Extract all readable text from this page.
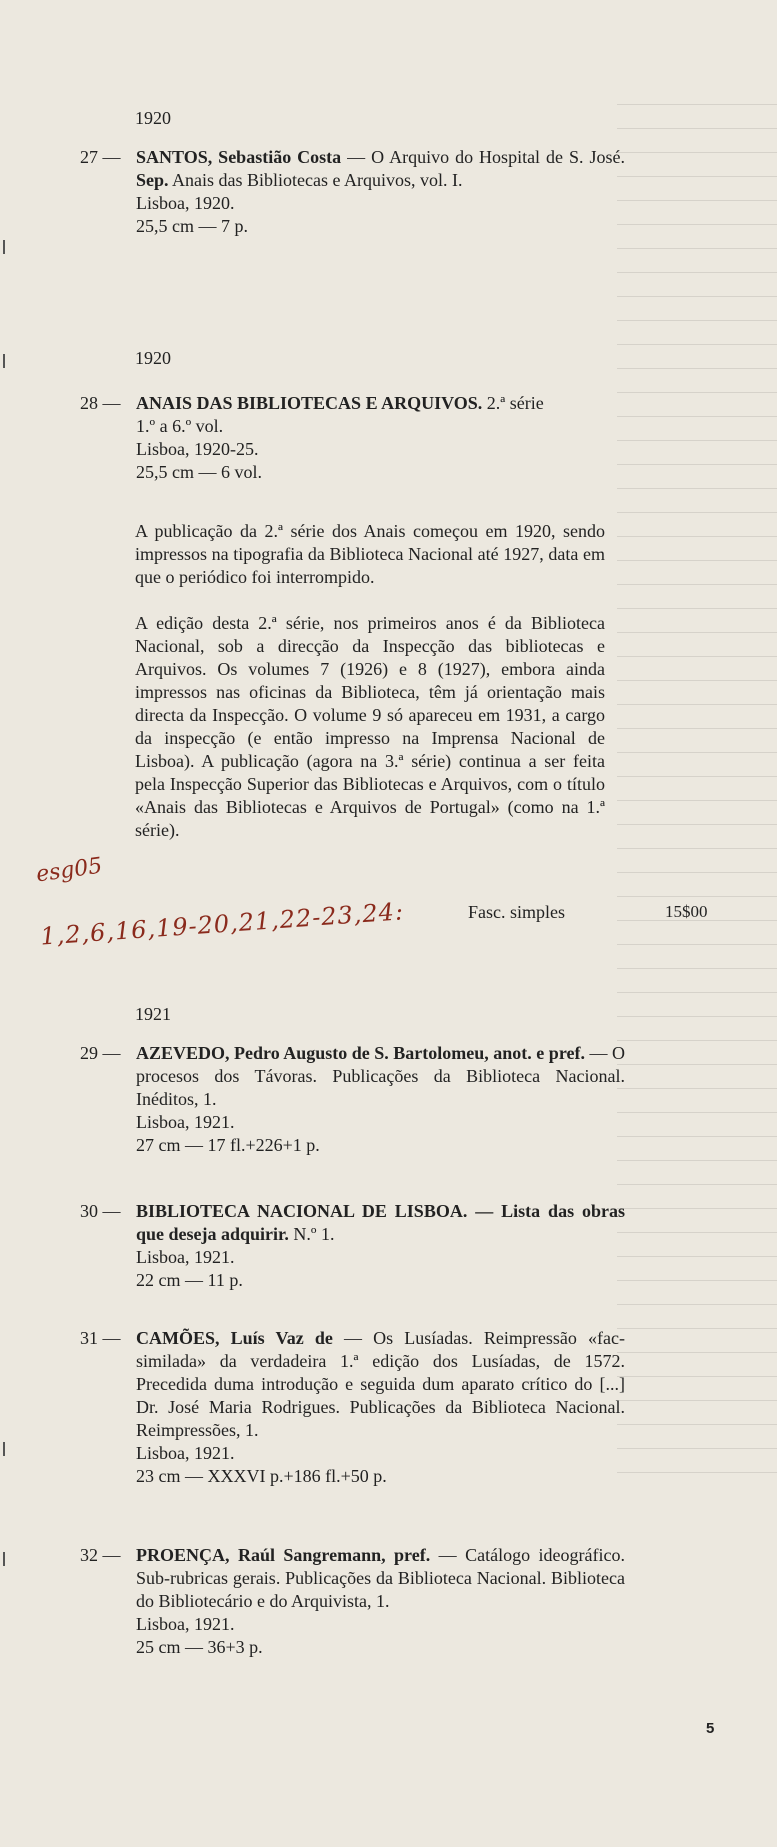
1920
27 — SANTOS, Sebastião Costa — O Arquivo do Hospital de S. José. Sep. Anais das Bibliotecas e Arquivos, vol. I.
Lisboa, 1920.
25,5 cm — 7 p.
1920
28 — ANAIS DAS BIBLIOTECAS E ARQUIVOS. 2.ª série
1.º a 6.º vol.
Lisboa, 1920-25.
25,5 cm — 6 vol.
A publicação da 2.ª série dos Anais começou em 1920, sendo impressos na tipografia da Biblioteca Nacional até 1927, data em que o periódico foi interrompido.
A edição desta 2.ª série, nos primeiros anos é da Biblioteca Nacional, sob a direcção da Inspecção das bibliotecas e Arquivos. Os volumes 7 (1926) e 8 (1927), embora ainda impressos nas oficinas da Biblioteca, têm já orientação mais directa da Inspecção. O volume 9 só apareceu em 1931, a cargo da inspecção (e então impresso na Imprensa Nacional de Lisboa). A publicação (agora na 3.ª série) continua a ser feita pela Inspecção Superior das Bibliotecas e Arquivos, com o título «Anais das Bibliotecas e Arquivos de Portugal» (como na 1.ª série).
Fasc. simples	15$00
esg05
1,2,6,16,19-20,21,22-23,24:
1921
29 — AZEVEDO, Pedro Augusto de S. Bartolomeu, anot. e pref. — O procesos dos Távoras. Publicações da Biblioteca Nacional. Inéditos, 1.
Lisboa, 1921.
27 cm — 17 fl.+226+1 p.
30 — BIBLIOTECA NACIONAL DE LISBOA. — Lista das obras que deseja adquirir. N.º 1.
Lisboa, 1921.
22 cm — 11 p.
31 — CAMÕES, Luís Vaz de — Os Lusíadas. Reimpressão «fac-similada» da verdadeira 1.ª edição dos Lusíadas, de 1572. Precedida duma introdução e seguida dum aparato crítico do [...] Dr. José Maria Rodrigues. Publicações da Biblioteca Nacional. Reimpressões, 1.
Lisboa, 1921.
23 cm — XXXVI p.+186 fl.+50 p.
32 — PROENÇA, Raúl Sangremann, pref. — Catálogo ideográfico. Sub-rubricas gerais. Publicações da Biblioteca Nacional. Biblioteca do Bibliotecário e do Arquivista, 1.
Lisboa, 1921.
25 cm — 36+3 p.
5
